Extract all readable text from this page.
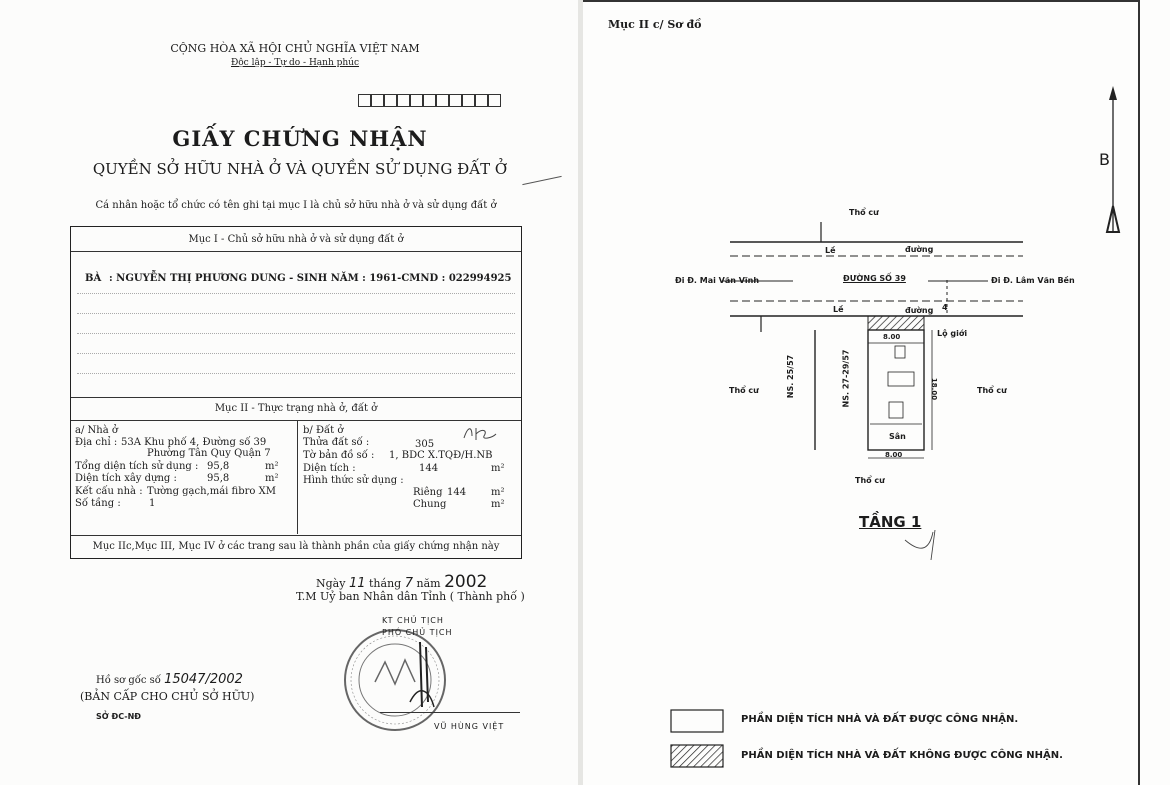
CỘNG HÒA XÃ HỘI CHỦ NGHĨA VIỆT NAM
Độc lập - Tự do - Hạnh phúc
GIẤY CHỨNG NHẬN
QUYỀN SỞ HỮU NHÀ Ở VÀ QUYỀN SỬ DỤNG ĐẤT Ở
Cá nhân hoặc tổ chức có tên ghi tại mục I là chủ sở hữu nhà ở và sử dụng đất ở
Mục I - Chủ sở hữu nhà ở và sử dụng đất ở
BÀ : NGUYỄN THỊ PHƯƠNG DUNG - SINH NĂM : 1961-CMND : 022994925
Mục II - Thực trạng nhà ở, đất ở
a/ Nhà ở
Địa chỉ : 53A Khu phố 4, Đường số 39
Phường Tân Quy Quận 7
Tổng diện tích sử dụng : 95,8	m²
Diện tích xây dựng :	95,8	m²
Kết cấu nhà : Tường gạch,mái fibro XM
Số tầng :	1
b/ Đất ở
Thửa đất số :	305
Tờ bản đồ số : 1, BDC X.TQĐ/H.NB
Diện tích :	144	m²
Hình thức sử dụng :
Riêng 144 m²
Chung	m²
Mục IIc,Mục III, Mục IV ở các trang sau là thành phần của giấy chứng nhận này
Ngày 11 tháng 7 năm 2002
T.M Uỷ ban Nhân dân Tỉnh ( Thành phố )
KT CHỦ TỊCH
PHÓ CHỦ TỊCH
VŨ HÙNG VIỆT
Hồ sơ gốc số 15047/2002
(BẢN CẤP CHO CHỦ SỞ HỮU)
SỞ ĐC-NĐ
Mục II c/ Sơ đồ
B
Thổ cư
Lề	đường
Đi Đ. Mai Văn Vĩnh	ĐƯỜNG SỐ 39	Đi Đ. Lâm Văn Bền
Lề	đường 4
Lộ giới
8.00
Thổ cư	Thổ cư
NS. 25/57	NS. 27-29/57	18.00
Sân
8.00
Thổ cư
TẦNG 1
PHẦN DIỆN TÍCH NHÀ VÀ ĐẤT ĐƯỢC CÔNG NHẬN.
PHẦN DIỆN TÍCH NHÀ VÀ ĐẤT KHÔNG ĐƯỢC CÔNG NHẬN.
